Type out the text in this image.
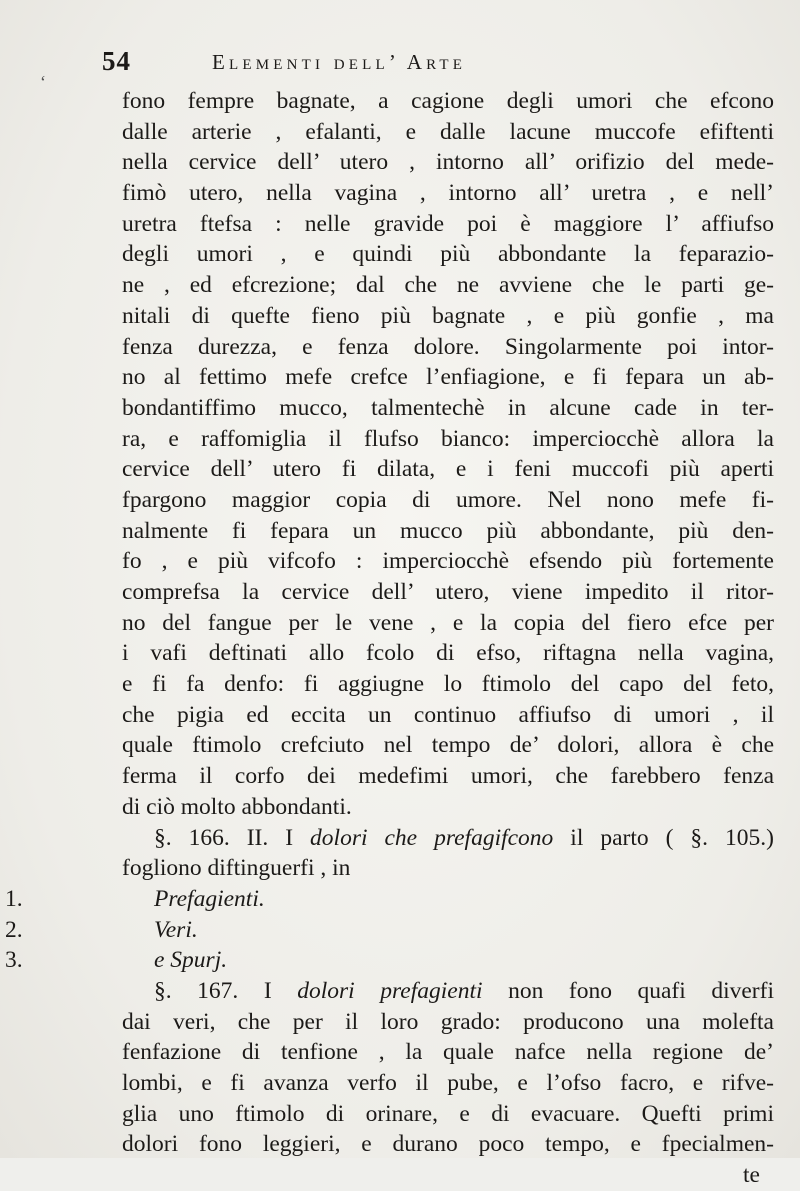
54	Elementi dell’ Arte
‘
fono fempre bagnate, a cagione degli umori che efcono
dalle arterie , efalanti, e dalle lacune muccofe efiftenti
nella cervice dell’ utero , intorno all’ orifizio del mede-
fimò utero, nella vagina , intorno all’ uretra , e nell’
uretra ftefsa : nelle gravide poi è maggiore l’ affiufso
degli umori , e quindi più abbondante la feparazio-
ne , ed efcrezione; dal che ne avviene che le parti ge-
nitali di quefte fieno più bagnate , e più gonfie , ma
fenza durezza, e fenza dolore. Singolarmente poi intor-
no al fettimo mefe crefce l’enfiagione, e fi fepara un ab-
bondantiffimo mucco, talmentechè in alcune cade in ter-
ra, e raffomiglia il flufso bianco: imperciocchè allora la
cervice dell’ utero fi dilata, e i feni muccofi più aperti
fpargono maggior copia di umore. Nel nono mefe fi-
nalmente fi fepara un mucco più abbondante, più den-
fo , e più vifcofo : imperciocchè efsendo più fortemente
comprefsa la cervice dell’ utero, viene impedito il ritor-
no del fangue per le vene , e la copia del fiero efce per
i vafi deftinati allo fcolo di efso, riftagna nella vagina,
e fi fa denfo: fi aggiugne lo ftimolo del capo del feto,
che pigia ed eccita un continuo affiufso di umori , il
quale ftimolo crefciuto nel tempo de’ dolori, allora è che
ferma il corfo dei medefimi umori, che farebbero fenza
di ciò molto abbondanti.
§. 166. II. I dolori che prefagifcono il parto ( §. 105.)
fogliono diftinguerfi , in
1.	Prefagienti.
2.	Veri.
3.	e Spurj.
§. 167. I dolori prefagienti non fono quafi diverfi
dai veri, che per il loro grado: producono una molefta
fenfazione di tenfione , la quale nafce nella regione de’
lombi, e fi avanza verfo il pube, e l’ofso facro, e rifve-
glia uno ftimolo di orinare, e di evacuare. Quefti primi
dolori fono leggieri, e durano poco tempo, e fpecialmen-
te
